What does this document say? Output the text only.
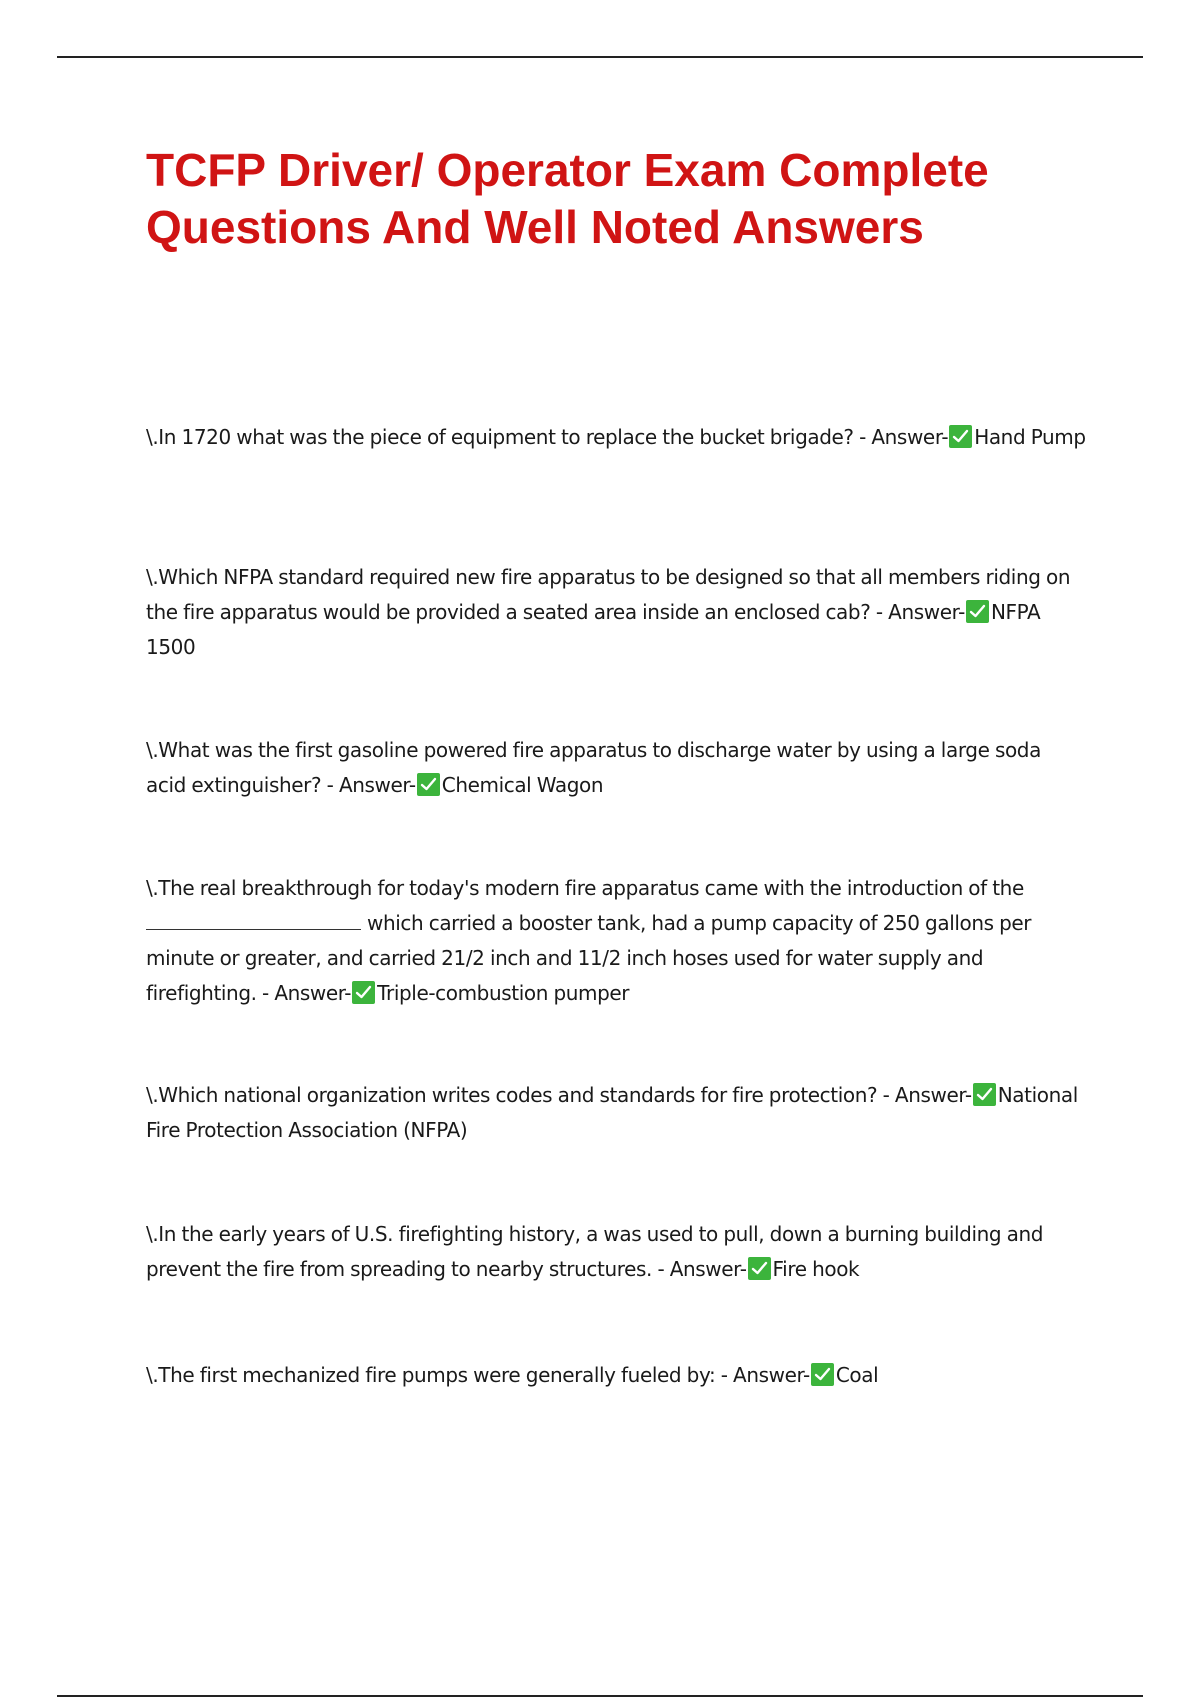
TCFP Driver/ Operator Exam Complete Questions And Well Noted Answers

\.In 1720 what was the piece of equipment to replace the bucket brigade? - Answer- Hand Pump

\.Which NFPA standard required new fire apparatus to be designed so that all members riding on the fire apparatus would be provided a seated area inside an enclosed cab? - Answer- NFPA 1500

\.What was the first gasoline powered fire apparatus to discharge water by using a large soda acid extinguisher? - Answer- Chemical Wagon

\.The real breakthrough for today's modern fire apparatus came with the introduction of the which carried a booster tank, had a pump capacity of 250 gallons per minute or greater, and carried 21/2 inch and 11/2 inch hoses used for water supply and firefighting. - Answer- Triple-combustion pumper

\.Which national organization writes codes and standards for fire protection? - Answer- National Fire Protection Association (NFPA)

\.In the early years of U.S. firefighting history, a was used to pull, down a burning building and prevent the fire from spreading to nearby structures. - Answer- Fire hook

\.The first mechanized fire pumps were generally fueled by: - Answer- Coal
